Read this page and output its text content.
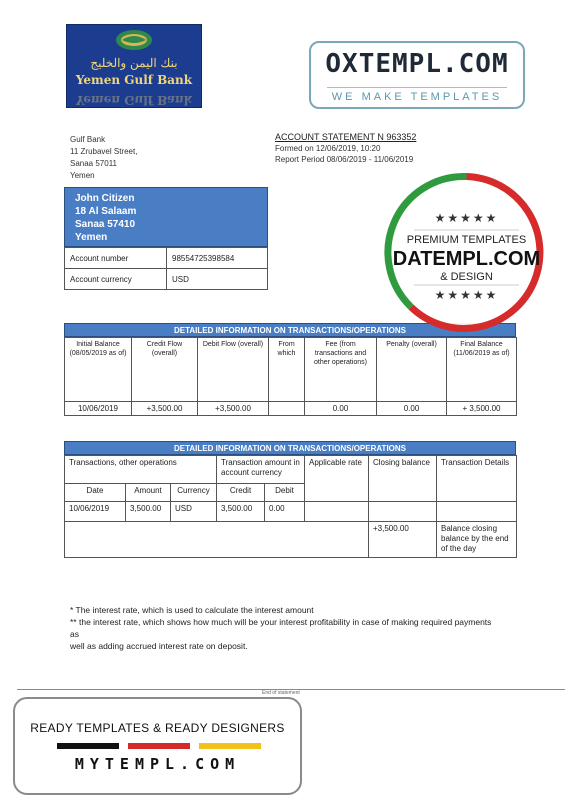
بنك اليمن والخليج
Yemen Gulf Bank
Yemen Gulf Bank
OXTEMPL.COM
WE MAKE TEMPLATES
Gulf Bank
11 Zrubavel Street,
Sanaa 57011
Yemen
ACCOUNT STATEMENT N 963352
Formed on 12/06/2019, 10:20
Report Period 08/06/2019 - 11/06/2019
John Citizen
18 Al Salaam
Sanaa 57410
Yemen
Account number	98554725398584
Account currency	USD
DETAILED INFORMATION ON TRANSACTIONS/OPERATIONS
Initial Balance (08/05/2019 as of)	Credit Flow (overall)	Debit Flow (overall)	From which	Fee (from transactions and other operations)	Penalty (overall)	Final Balance (11/06/2019 as of)
10/06/2019	+3,500.00	+3,500.00		0.00	0.00	+ 3,500.00
DETAILED INFORMATION ON TRANSACTIONS/OPERATIONS
Transactions, other operations			Transaction amount in account currency		Applicable rate	Closing balance	Transaction Details
Date	Amount	Currency	Credit	Debit			
10/06/2019	3,500.00	USD	3,500.00	0.00			
						+3,500.00	Balance closing balance by the end of the day
* The interest rate, which is used to calculate the interest amount
** the interest rate, which shows how much will be your interest profitability in case of making required payments as
well as adding accrued interest rate on deposit.
End of statement
★★★★★
PREMIUM TEMPLATES
DATEMPL.COM
& DESIGN
★★★★★
READY TEMPLATES & READY DESIGNERS
MYTEMPL.COM
